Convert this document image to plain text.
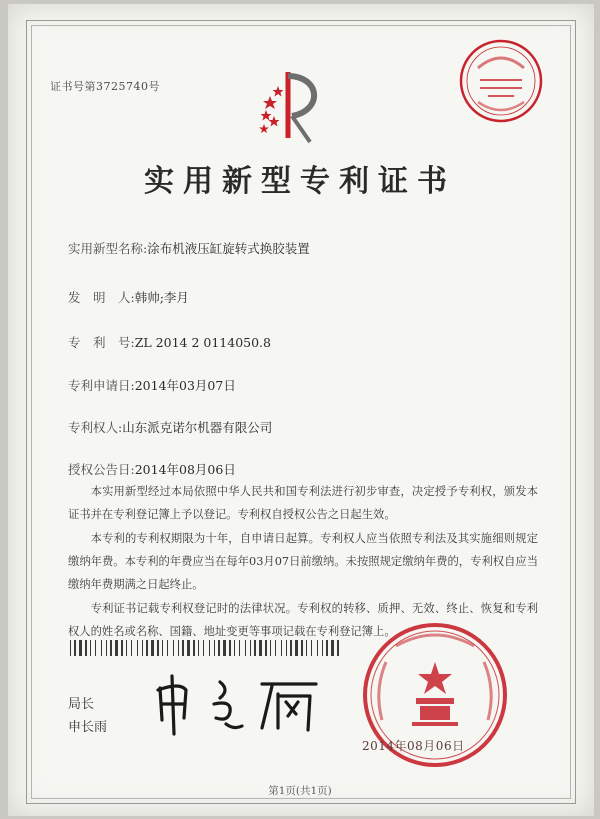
证书号第3725740号
实用新型专利证书
实用新型名称:涂布机液压缸旋转式换胶装置
发　明　人:韩帅;李月
专　利　号:ZL 2014 2 0114050.8
专利申请日:2014年03月07日
专利权人:山东派克诺尔机器有限公司
授权公告日:2014年08月06日

本实用新型经过本局依照中华人民共和国专利法进行初步审查，决定授予专利权，颁发本证书并在专利登记簿上予以登记。专利权自授权公告之日起生效。

本专利的专利权期限为十年，自申请日起算。专利权人应当依照专利法及其实施细则规定缴纳年费。本专利的年费应当在每年03月07日前缴纳。未按照规定缴纳年费的，专利权自应当缴纳年费期满之日起终止。

专利证书记载专利权登记时的法律状况。专利权的转移、质押、无效、终止、恢复和专利权人的姓名或名称、国籍、地址变更等事项记载在专利登记簿上。

局长
申长雨
2014年08月06日
第1页(共1页)
